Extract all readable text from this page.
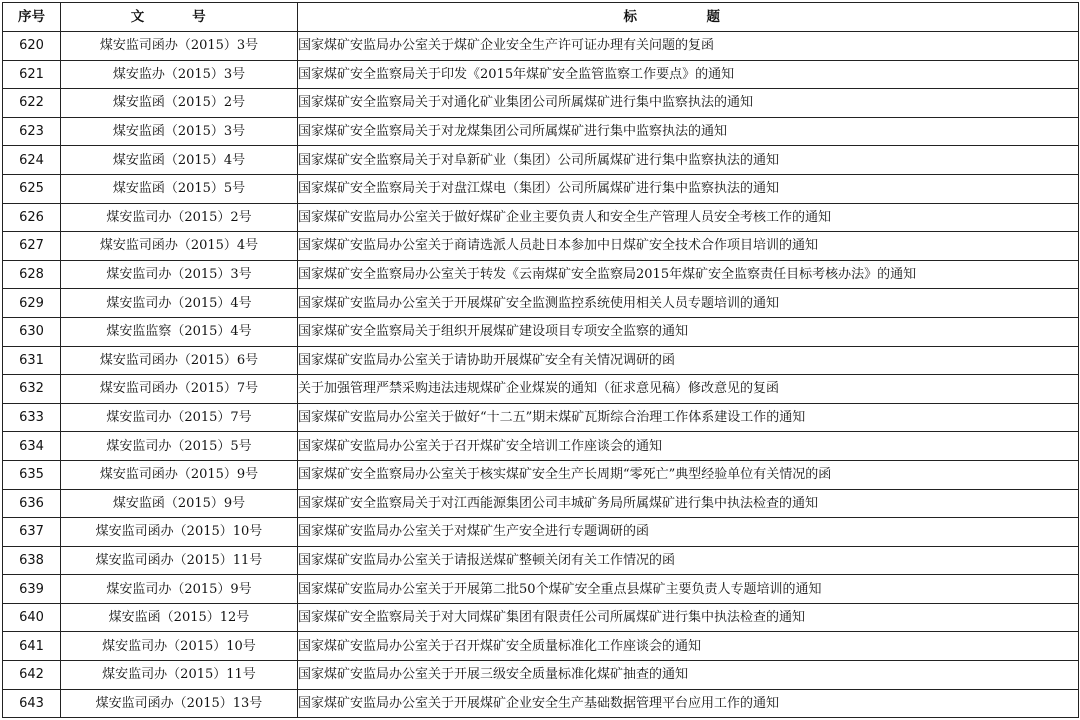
序号	文 号	标 题
620	煤安监司函办（2015）3号	国家煤矿安监局办公室关于煤矿企业安全生产许可证办理有关问题的复函
621	煤安监办（2015）3号	国家煤矿安全监察局关于印发《2015年煤矿安全监管监察工作要点》的通知
622	煤安监函（2015）2号	国家煤矿安全监察局关于对通化矿业集团公司所属煤矿进行集中监察执法的通知
623	煤安监函（2015）3号	国家煤矿安全监察局关于对龙煤集团公司所属煤矿进行集中监察执法的通知
624	煤安监函（2015）4号	国家煤矿安全监察局关于对阜新矿业（集团）公司所属煤矿进行集中监察执法的通知
625	煤安监函（2015）5号	国家煤矿安全监察局关于对盘江煤电（集团）公司所属煤矿进行集中监察执法的通知
626	煤安监司办（2015）2号	国家煤矿安监局办公室关于做好煤矿企业主要负责人和安全生产管理人员安全考核工作的通知
627	煤安监司函办（2015）4号	国家煤矿安监局办公室关于商请选派人员赴日本参加中日煤矿安全技术合作项目培训的通知
628	煤安监司办（2015）3号	国家煤矿安全监察局办公室关于转发《云南煤矿安全监察局2015年煤矿安全监察责任目标考核办法》的通知
629	煤安监司办（2015）4号	国家煤矿安监局办公室关于开展煤矿安全监测监控系统使用相关人员专题培训的通知
630	煤安监监察（2015）4号	国家煤矿安全监察局关于组织开展煤矿建设项目专项安全监察的通知
631	煤安监司函办（2015）6号	国家煤矿安监局办公室关于请协助开展煤矿安全有关情况调研的函
632	煤安监司函办（2015）7号	关于加强管理严禁采购违法违规煤矿企业煤炭的通知（征求意见稿）修改意见的复函
633	煤安监司办（2015）7号	国家煤矿安监局办公室关于做好“十二五”期末煤矿瓦斯综合治理工作体系建设工作的通知
634	煤安监司办（2015）5号	国家煤矿安监局办公室关于召开煤矿安全培训工作座谈会的通知
635	煤安监司函办（2015）9号	国家煤矿安全监察局办公室关于核实煤矿安全生产长周期“零死亡”典型经验单位有关情况的函
636	煤安监函（2015）9号	国家煤矿安全监察局关于对江西能源集团公司丰城矿务局所属煤矿进行集中执法检查的通知
637	煤安监司函办（2015）10号	国家煤矿安监局办公室关于对煤矿生产安全进行专题调研的函
638	煤安监司函办（2015）11号	国家煤矿安监局办公室关于请报送煤矿整顿关闭有关工作情况的函
639	煤安监司办（2015）9号	国家煤矿安监局办公室关于开展第二批50个煤矿安全重点县煤矿主要负责人专题培训的通知
640	煤安监函（2015）12号	国家煤矿安全监察局关于对大同煤矿集团有限责任公司所属煤矿进行集中执法检查的通知
641	煤安监司办（2015）10号	国家煤矿安监局办公室关于召开煤矿安全质量标准化工作座谈会的通知
642	煤安监司办（2015）11号	国家煤矿安监局办公室关于开展三级安全质量标准化煤矿抽查的通知
643	煤安监司函办（2015）13号	国家煤矿安监局办公室关于开展煤矿企业安全生产基础数据管理平台应用工作的通知
